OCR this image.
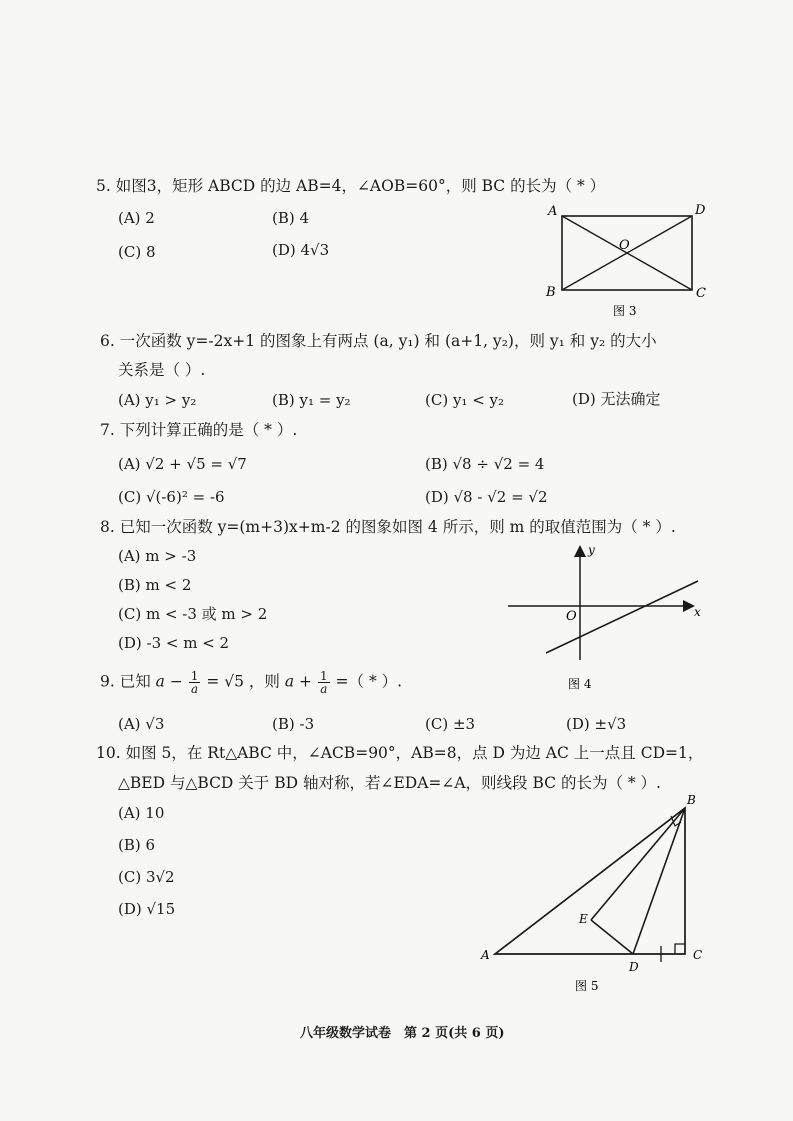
5. 如图3，矩形 ABCD 的边 AB=4，∠AOB=60°，则 BC 的长为（ * ）
(A) 2	(B) 4
(C) 8	(D) 4√3
A	D
O
B	C
图 3
6. 一次函数 y=-2x+1 的图象上有两点 (a, y₁) 和 (a+1, y₂)，则 y₁ 和 y₂ 的大小
关系是（ ）.
(A) y₁ > y₂	(B) y₁ = y₂	(C) y₁ < y₂	(D) 无法确定
7. 下列计算正确的是（ * ）.
(A) √2 + √5 = √7	(B) √8 ÷ √2 = 4
(C) √(-6)² = -6	(D) √8 - √2 = √2
8. 已知一次函数 y=(m+3)x+m-2 的图象如图 4 所示，则 m 的取值范围为（ * ）.
(A) m > -3
(B) m < 2
(C) m < -3 或 m > 2
(D) -3 < m < 2
y
x
O
图 4
9. 已知 $a - \frac{1}{a} = √5$ ，则 $a + \frac{1}{a}$ =（ * ）.
(A) √3	(B) -3	(C) ±3	(D) ±√3
10. 如图 5，在 Rt△ABC 中，∠ACB=90°，AB=8，点 D 为边 AC 上一点且 CD=1，
△BED 与△BCD 关于 BD 轴对称，若∠EDA=∠A，则线段 BC 的长为（ * ）.
(A) 10
(B) 6
(C) 3√2
(D) √15
B
E
A
D
C
图 5
八年级数学试卷　第 2 页(共 6 页)
